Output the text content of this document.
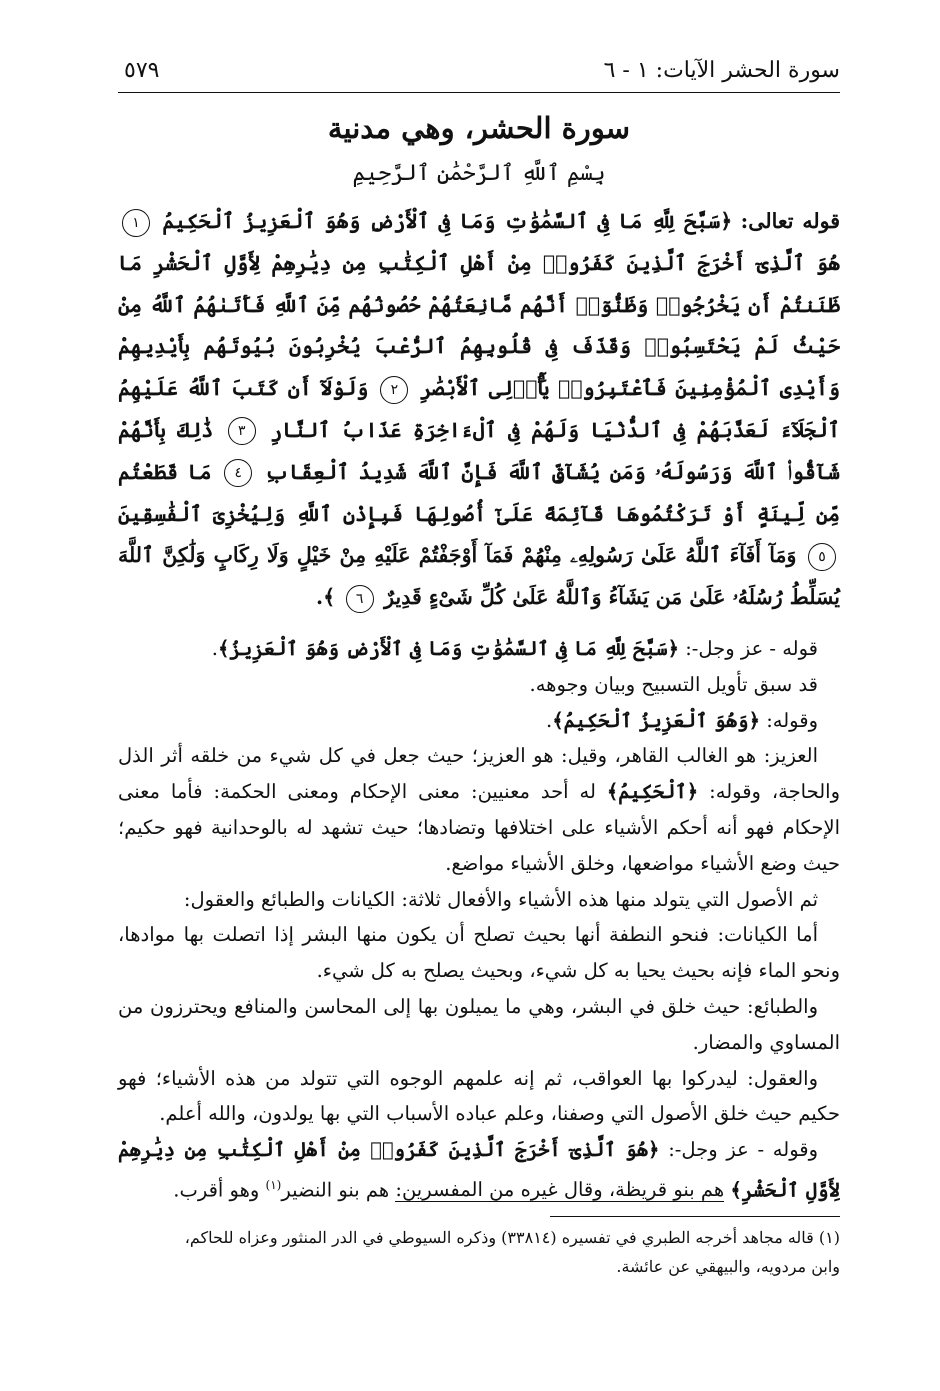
سورة الحشر الآيات: ١ - ٦
٥٧٩
سورة الحشر، وهي مدنية
بِسْمِ ٱللَّهِ ٱلرَّحْمَٰنِ ٱلرَّحِيمِ
قوله تعالى: ﴿سَبَّحَ لِلَّهِ مَا فِى ٱلسَّمَٰوَٰتِ وَمَا فِى ٱلْأَرْضِ وَهُوَ ٱلْعَزِيزُ ٱلْحَكِيمُ ١ هُوَ ٱلَّذِىٓ أَخْرَجَ ٱلَّذِينَ كَفَرُوا۟ مِنْ أَهْلِ ٱلْكِتَٰبِ مِن دِيَٰرِهِمْ لِأَوَّلِ ٱلْحَشْرِ مَا ظَنَنتُمْ أَن يَخْرُجُوا۟ وَظَنُّوٓا۟ أَنَّهُم مَّانِعَتُهُمْ حُصُونُهُم مِّنَ ٱللَّهِ فَأَتَىٰهُمُ ٱللَّهُ مِنْ حَيْثُ لَمْ يَحْتَسِبُوا۟ وَقَذَفَ فِى قُلُوبِهِمُ ٱلرُّعْبَ يُخْرِبُونَ بُيُوتَهُم بِأَيْدِيهِمْ وَأَيْدِى ٱلْمُؤْمِنِينَ فَٱعْتَبِرُوا۟ يَٰٓأُو۟لِى ٱلْأَبْصَٰرِ ٢ وَلَوْلَآ أَن كَتَبَ ٱللَّهُ عَلَيْهِمُ ٱلْجَلَآءَ لَعَذَّبَهُمْ فِى ٱلدُّنْيَا وَلَهُمْ فِى ٱلْءَاخِرَةِ عَذَابُ ٱلنَّارِ ٣ ذَٰلِكَ بِأَنَّهُمْ شَآقُّوا۟ ٱللَّهَ وَرَسُولَهُۥ وَمَن يُشَآقِّ ٱللَّهَ فَإِنَّ ٱللَّهَ شَدِيدُ ٱلْعِقَابِ ٤ مَا قَطَعْتُم مِّن لِّينَةٍ أَوْ تَرَكْتُمُوهَا قَآئِمَةً عَلَىٰٓ أُصُولِهَا فَبِإِذْنِ ٱللَّهِ وَلِيُخْزِىَ ٱلْفَٰسِقِينَ ٥ وَمَآ أَفَآءَ ٱللَّهُ عَلَىٰ رَسُولِهِۦ مِنْهُمْ فَمَآ أَوْجَفْتُمْ عَلَيْهِ مِنْ خَيْلٍ وَلَا رِكَابٍ وَلَٰكِنَّ ٱللَّهَ يُسَلِّطُ رُسُلَهُۥ عَلَىٰ مَن يَشَآءُ وَٱللَّهُ عَلَىٰ كُلِّ شَىْءٍ قَدِيرٌ ٦ ﴾.

قوله - عز وجل-: ﴿سَبَّحَ لِلَّهِ مَا فِى ٱلسَّمَٰوَٰتِ وَمَا فِى ٱلْأَرْضِ وَهُوَ ٱلْعَزِيزُ﴾.

قد سبق تأويل التسبيح وبيان وجوهه.

وقوله: ﴿وَهُوَ ٱلْعَزِيزُ ٱلْحَكِيمُ﴾.

العزيز: هو الغالب القاهر، وقيل: هو العزيز؛ حيث جعل في كل شيء من خلقه أثر الذل والحاجة، وقوله: ﴿ٱلْحَكِيمُ﴾ له أحد معنيين: معنى الإحكام ومعنى الحكمة: فأما معنى الإحكام فهو أنه أحكم الأشياء على اختلافها وتضادها؛ حيث تشهد له بالوحدانية فهو حكيم؛ حيث وضع الأشياء مواضعها، وخلق الأشياء مواضع.

ثم الأصول التي يتولد منها هذه الأشياء والأفعال ثلاثة: الكيانات والطبائع والعقول:

أما الكيانات: فنحو النطفة أنها بحيث تصلح أن يكون منها البشر إذا اتصلت بها موادها، ونحو الماء فإنه بحيث يحيا به كل شيء، وبحيث يصلح به كل شيء.

والطبائع: حيث خلق في البشر، وهي ما يميلون بها إلى المحاسن والمنافع ويحترزون من المساوي والمضار.

والعقول: ليدركوا بها العواقب، ثم إنه علمهم الوجوه التي تتولد من هذه الأشياء؛ فهو حكيم حيث خلق الأصول التي وصفنا، وعلم عباده الأسباب التي بها يولدون، والله أعلم.

وقوله - عز وجل-: ﴿هُوَ ٱلَّذِىٓ أَخْرَجَ ٱلَّذِينَ كَفَرُوا۟ مِنْ أَهْلِ ٱلْكِتَٰبِ مِن دِيَٰرِهِمْ لِأَوَّلِ ٱلْحَشْرِ﴾ هم بنو قريظة، وقال غيره من المفسرين: هم بنو النضير$^{(١)}$ وهو أقرب.

(١) قاله مجاهد أخرجه الطبري في تفسيره (٣٣٨١٤) وذكره السيوطي في الدر المنثور وعزاه للحاكم،

وابن مردويه، والبيهقي عن عائشة.
